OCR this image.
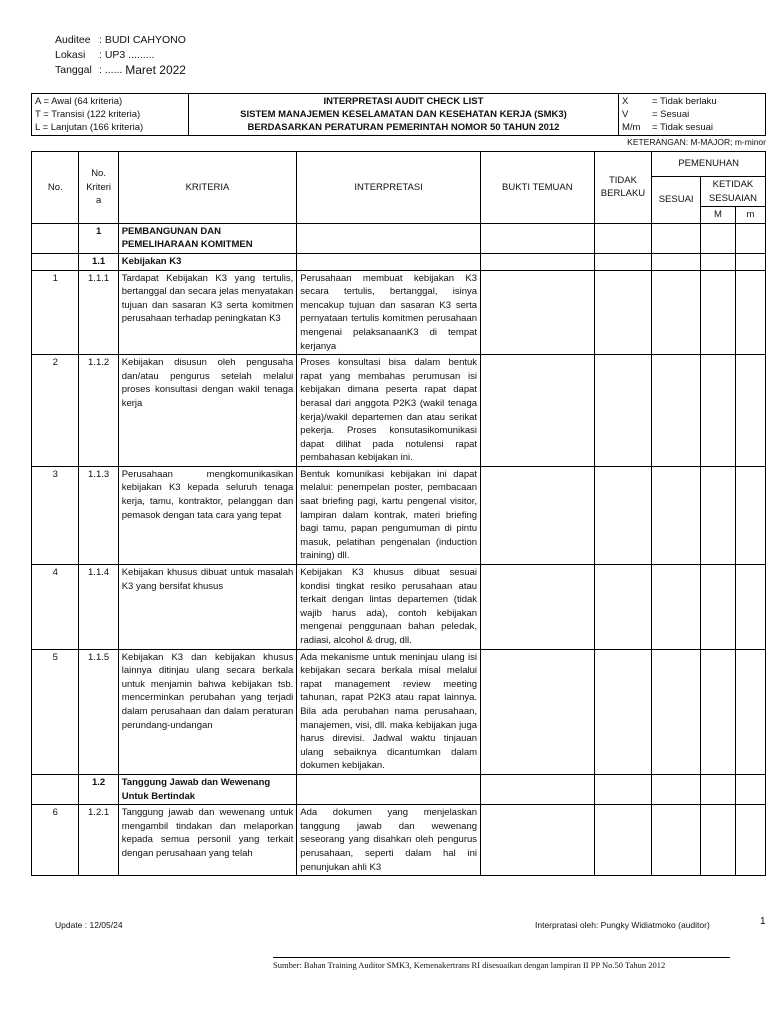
Auditee : BUDI CAHYONO
Lokasi	: UP3 .........
Tanggal : ......
Maret 2022
A = Awal (64 kriteria)
T = Transisi (122 kriteria)
L = Lanjutan (166 kriteria)

INTERPRETASI AUDIT CHECK LIST
SISTEM MANAJEMEN KESELAMATAN DAN KESEHATAN KERJA (SMK3)
BERDASARKAN PERATURAN PEMERINTAH NOMOR 50 TAHUN 2012

X	= Tidak berlaku
V	= Sesuai
M/m	= Tidak sesuai
KETERANGAN: M-MAJOR; m-minor
No.	No. Kriteri a	KRITERIA	INTERPRETASI	BUKTI TEMUAN	TIDAK BERLAKU	PEMENUHAN		
						SESUAI	KETIDAK SESUAIAN	
							M	m
	1	PEMBANGUNAN DAN PEMELIHARAAN KOMITMEN						
	1.1	Kebijakan K3						
1	1.1.1	Tardapat Kebijakan K3 yang tertulis, bertanggal dan secara jelas menyatakan tujuan dan sasaran K3 serta komitmen perusahaan terhadap peningkatan K3	Perusahaan membuat kebijakan K3 secara tertulis, bertanggal, isinya mencakup tujuan dan sasaran K3 serta pernyataan tertulis komitmen perusahaan mengenai pelaksanaanK3 di tempat kerjanya					
2	1.1.2	Kebijakan disusun oleh pengusaha dan/atau pengurus setelah melalui proses konsultasi dengan wakil tenaga kerja	Proses konsultasi bisa dalam bentuk rapat yang membahas perumusan isi kebijakan dimana peserta rapat dapat berasal dari anggota P2K3 (wakil tenaga kerja)/wakil departemen dan atau serikat pekerja. Proses konsutasikomunikasi dapat dilihat pada notulensi rapat pembahasan kebijakan ini.					
3	1.1.3	Perusahaan mengkomunikasikan kebijakan K3 kepada seluruh tenaga kerja, tamu, kontraktor, pelanggan dan pemasok dengan tata cara yang tepat	Bentuk komunikasi kebijakan ini dapat melalui: penempelan poster, pembacaan saat briefing pagi, kartu pengenal visitor, lampiran dalam kontrak, materi briefing bagi tamu, papan pengumuman di pintu masuk, pelatihan pengenalan (induction training) dll.					
4	1.1.4	Kebijakan khusus dibuat untuk masalah K3 yang bersifat khusus	Kebijakan K3 khusus dibuat sesuai kondisi tingkat resiko perusahaan atau terkait dengan lintas departemen (tidak wajib harus ada), contoh kebijakan mengenai penggunaan bahan peledak, radiasi, alcohol & drug, dll.					
5	1.1.5	Kebijakan K3 dan kebijakan khusus lainnya ditinjau ulang secara berkala untuk menjamin bahwa kebijakan tsb. mencerminkan perubahan yang terjadi dalam perusahaan dan dalam peraturan perundang-undangan	Ada mekanisme untuk meninjau ulang isi kebijakan secara berkala misal melalui rapat management review meeting tahunan, rapat P2K3 atau rapat lainnya. Bila ada perubahan nama perusahaan, manajemen, visi, dll. maka kebijakan juga harus direvisi. Jadwal waktu tinjauan ulang sebaiknya dicantumkan dalam dokumen kebijakan.					
	1.2	Tanggung Jawab dan Wewenang Untuk Bertindak						
6	1.2.1	Tanggung jawab dan wewenang untuk mengambil tindakan dan melaporkan kepada semua personil yang terkait dengan perusahaan yang telah	Ada dokumen yang menjelaskan tanggung jawab dan wewenang seseorang yang disahkan oleh pengurus perusahaan, seperti dalam hal ini penunjukan ahli K3					
Update : 12/05/24	Interpratasi oleh: Pungky Widiatmoko (auditor)	1
Sumber: Bahan Training Auditor SMK3, Kemenakertrans RI disesuaikan dengan lampiran II PP No.50 Tahun 2012
